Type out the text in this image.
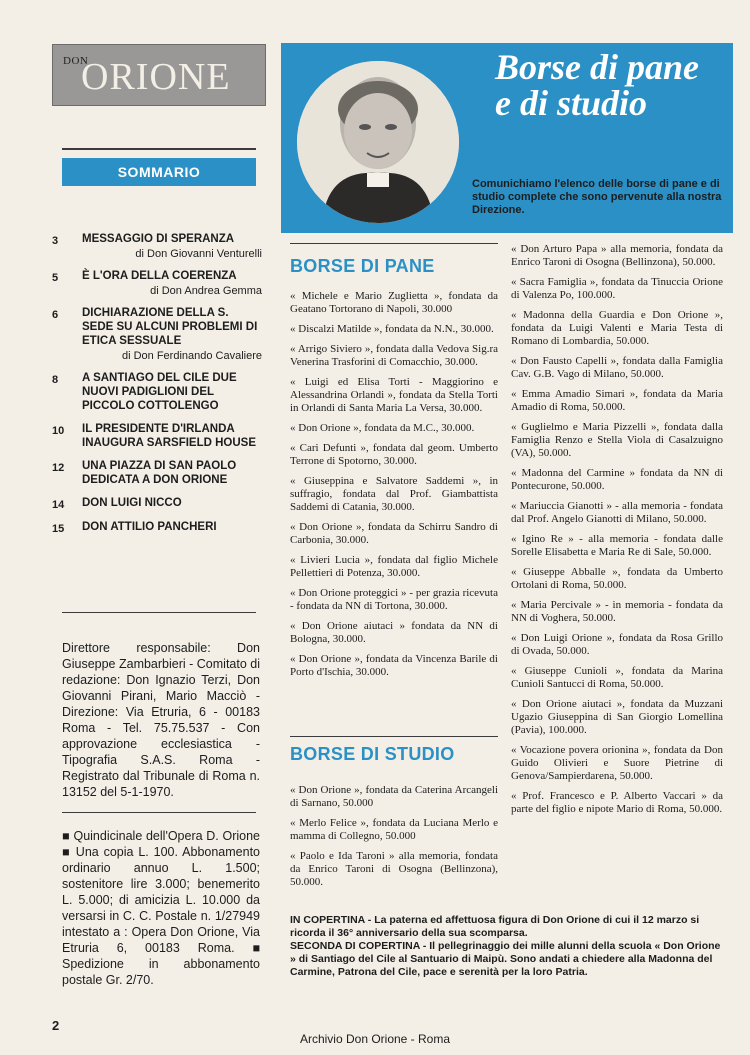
DON
ORIONE
SOMMARIO
3	MESSAGGIO DI SPERANZA
di Don Giovanni Venturelli
5	È L'ORA DELLA COERENZA
di Don Andrea Gemma
6	DICHIARAZIONE DELLA S. SEDE SU ALCUNI PROBLEMI DI ETICA SESSUALE
di Don Ferdinando Cavaliere
8	A SANTIAGO DEL CILE DUE NUOVI PADIGLIONI DEL PICCOLO COTTOLENGO
10	IL PRESIDENTE D'IRLANDA INAUGURA SARSFIELD HOUSE
12	UNA PIAZZA DI SAN PAOLO DEDICATA A DON ORIONE
14	DON LUIGI NICCO
15	DON ATTILIO PANCHERI
Direttore responsabile: Don Giuseppe Zambarbieri - Comitato di redazione: Don Ignazio Terzi, Don Giovanni Pirani, Mario Macciò - Direzione: Via Etruria, 6 - 00183 Roma - Tel. 75.75.537 - Con approvazione ecclesiastica - Tipografia S.A.S. Roma - Registrato dal Tribunale di Roma n. 13152 del 5-1-1970.
■ Quindicinale dell'Opera D. Orione ■ Una copia L. 100. Abbonamento ordinario annuo L. 1.500; sostenitore lire 3.000; benemerito L. 5.000; di amicizia L. 10.000 da versarsi in C. C. Postale n. 1/27949 intestato a : Opera Don Orione, Via Etruria 6, 00183 Roma. ■ Spedizione in abbonamento postale Gr. 2/70.
Borse di pane e di studio
Comunichiamo l'elenco delle borse di pane e di studio complete che sono pervenute alla nostra Direzione.
BORSE DI PANE

« Michele e Mario Zuglietta », fondata da Geatano Tortorano di Napoli, 30.000

« Discalzi Matilde », fondata da N.N., 30.000.

« Arrigo Siviero », fondata dalla Vedova Sig.ra Venerina Trasforini di Comacchio, 30.000.

« Luigi ed Elisa Torti - Maggiorino e Alessandrina Orlandi », fondata da Stella Torti in Orlandi di Santa Maria La Versa, 30.000.

« Don Orione », fondata da M.C., 30.000.

« Cari Defunti », fondata dal geom. Umberto Terrone di Spotorno, 30.000.

« Giuseppina e Salvatore Saddemi », in suffragio, fondata dal Prof. Giambattista Saddemi di Catania, 30.000.

« Don Orione », fondata da Schirru Sandro di Carbonia, 30.000.

« Livieri Lucia », fondata dal figlio Michele Pellettieri di Potenza, 30.000.

« Don Orione proteggici » - per grazia ricevuta - fondata da NN di Tortona, 30.000.

« Don Orione aiutaci » fondata da NN di Bologna, 30.000.

« Don Orione », fondata da Vincenza Barile di Porto d'Ischia, 30.000.

BORSE DI STUDIO

« Don Orione », fondata da Caterina Arcangeli di Sarnano, 50.000

« Merlo Felice », fondata da Luciana Merlo e mamma di Collegno, 50.000

« Paolo e Ida Taroni » alla memoria, fondata da Enrico Taroni di Osogna (Bellinzona), 50.000.

« Don Arturo Papa » alla memoria, fondata da Enrico Taroni di Osogna (Bellinzona), 50.000.

« Sacra Famiglia », fondata da Tinuccia Orione di Valenza Po, 100.000.

« Madonna della Guardia e Don Orione », fondata da Luigi Valenti e Maria Testa di Romano di Lombardia, 50.000.

« Don Fausto Capelli », fondata dalla Famiglia Cav. G.B. Vago di Milano, 50.000.

« Emma Amadio Simari », fondata da Maria Amadio di Roma, 50.000.

« Guglielmo e Maria Pizzelli », fondata dalla Famiglia Renzo e Stella Viola di Casalzuigno (VA), 50.000.

« Madonna del Carmine » fondata da NN di Pontecurone, 50.000.

« Mariuccia Gianotti » - alla memoria - fondata dal Prof. Angelo Gianotti di Milano, 50.000.

« Igino Re » - alla memoria - fondata dalle Sorelle Elisabetta e Maria Re di Sale, 50.000.

« Giuseppe Abballe », fondata da Umberto Ortolani di Roma, 50.000.

« Maria Percivale » - in memoria - fondata da NN di Voghera, 50.000.

« Don Luigi Orione », fondata da Rosa Grillo di Ovada, 50.000.

« Giuseppe Cunioli », fondata da Marina Cunioli Santucci di Roma, 50.000.

« Don Orione aiutaci », fondata da Muzzani Ugazio Giuseppina di San Giorgio Lomellina (Pavia), 100.000.

« Vocazione povera orionina », fondata da Don Guido Olivieri e Suore Pietrine di Genova/Sampierdarena, 50.000.

« Prof. Francesco e P. Alberto Vaccari » da parte del figlio e nipote Mario di Roma, 50.000.

IN COPERTINA - La paterna ed affettuosa figura di Don Orione di cui il 12 marzo si ricorda il 36° anniversario della sua scomparsa.
SECONDA DI COPERTINA - Il pellegrinaggio dei mille alunni della scuola « Don Orione » di Santiago del Cile al Santuario di Maipù. Sono andati a chiedere alla Madonna del Carmine, Patrona del Cile, pace e serenità per la loro Patria.
2
Archivio Don Orione - Roma
